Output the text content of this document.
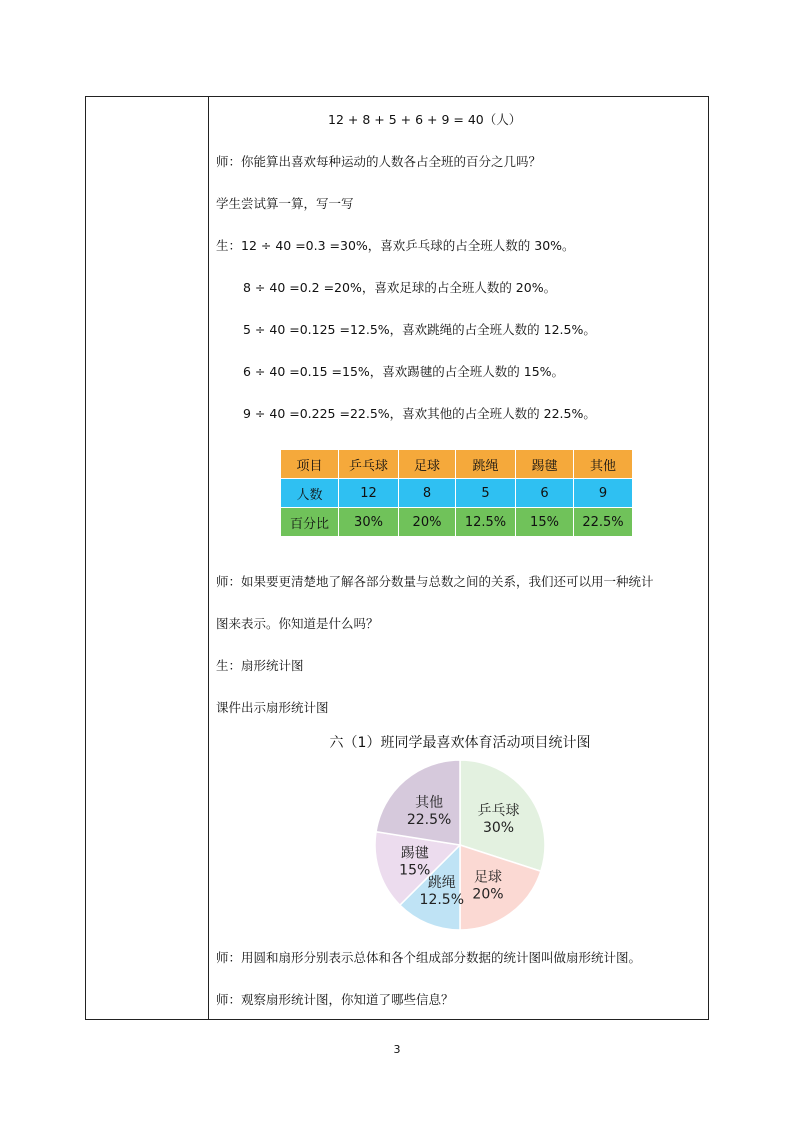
12 + 8 + 5 + 6 + 9 = 40（人）
师：你能算出喜欢每种运动的人数各占全班的百分之几吗？
学生尝试算一算，写一写
生：12 ÷ 40 =0.3 =30%，喜欢乒乓球的占全班人数的 30%。
8 ÷ 40 =0.2 =20%，喜欢足球的占全班人数的 20%。
5 ÷ 40 =0.125 =12.5%，喜欢跳绳的占全班人数的 12.5%。
6 ÷ 40 =0.15 =15%，喜欢踢毽的占全班人数的 15%。
9 ÷ 40 =0.225 =22.5%，喜欢其他的占全班人数的 22.5%。
项目	乒乓球	足球	跳绳	踢毽	其他
人数	12	8	5	6	9
百分比	30%	20%	12.5%	15%	22.5%
师：如果要更清楚地了解各部分数量与总数之间的关系，我们还可以用一种统计
图来表示。你知道是什么吗？
生：扇形统计图
课件出示扇形统计图
六（1）班同学最喜欢体育活动项目统计图
乒乓球
30%
足球
20%
跳绳
12.5%
踢毽
15%
其他
22.5%
师：用圆和扇形分别表示总体和各个组成部分数据的统计图叫做扇形统计图。
师：观察扇形统计图，你知道了哪些信息？
3
